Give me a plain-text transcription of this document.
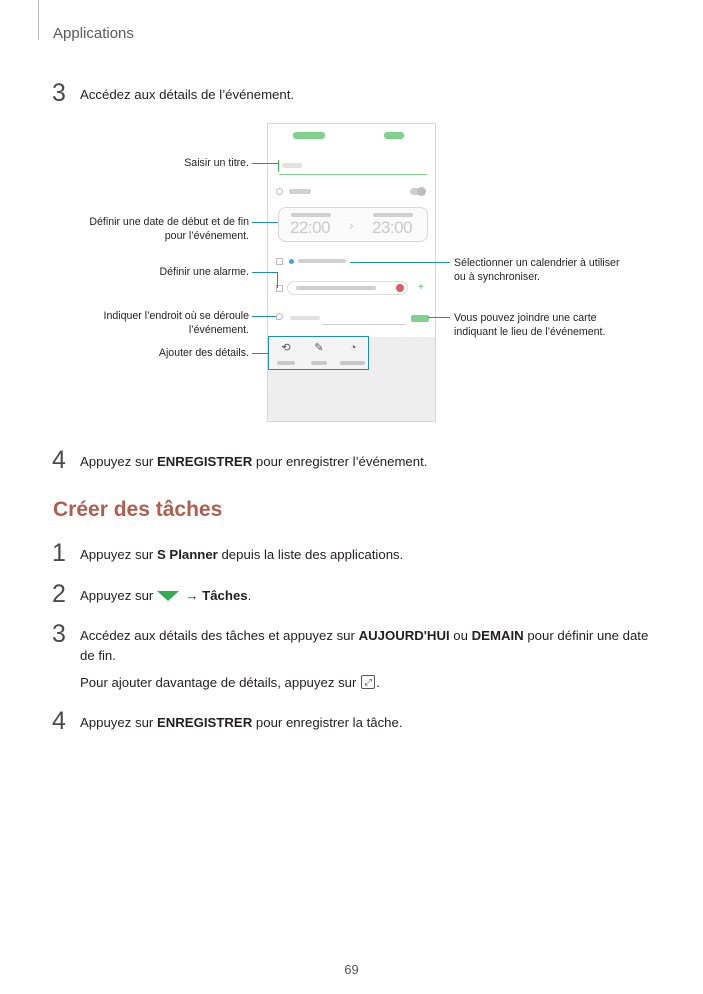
Applications
3 Accédez aux détails de l’événement.
22:00 › 23:00
+
⟲ ✎	◔
Saisir un titre.
Définir une date de début et de fin
pour l’événement.
Définir une alarme.
Indiquer l’endroit où se déroule
l’événement.
Ajouter des détails.
Sélectionner un calendrier à utiliser
ou à synchroniser.
Vous pouvez joindre une carte
indiquant le lieu de l’événement.
4 Appuyez sur ENREGISTRER pour enregistrer l’événement.
Créer des tâches
1 Appuyez sur S Planner depuis la liste des applications.
2 Appuyez sur → Tâches.
3 Accédez aux détails des tâches et appuyez sur AUJOURD'HUI ou DEMAIN pour définir une date
de fin.
Pour ajouter davantage de détails, appuyez sur ⤢ .
4 Appuyez sur ENREGISTRER pour enregistrer la tâche.
69
